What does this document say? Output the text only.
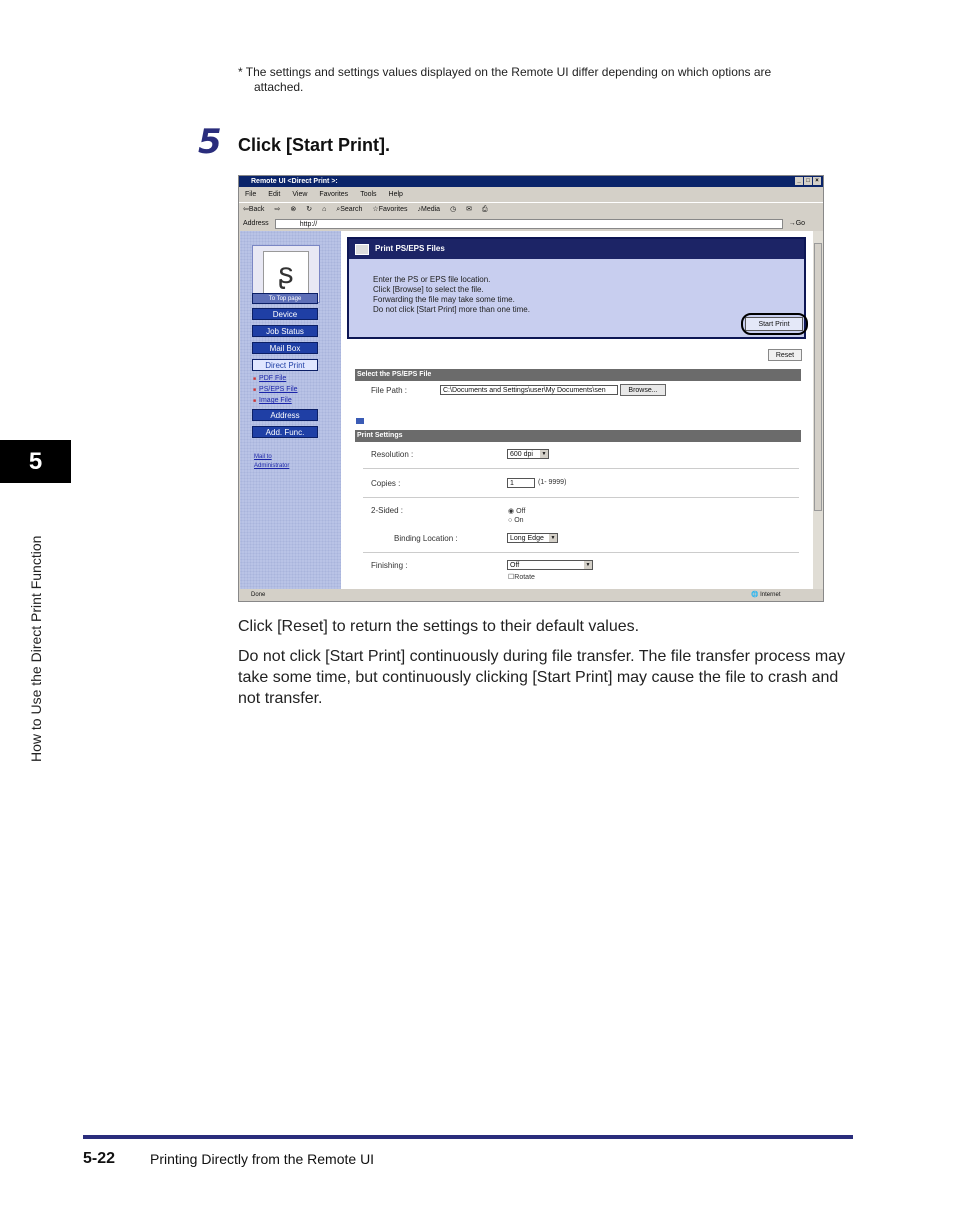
* The settings and settings values displayed on the Remote UI differ depending on which options are
attached.
5 Click [Start Print].
5
How to Use the Direct Print Function
Remote UI <Direct Print >:	_ □ ×
File Edit View Favorites Tools Help
⇦Back ⇨ ⊗ ↻ ⌂ ⌕Search ☆Favorites ♪Media ◷ ✉ ⎙
Address	http://	→Go
ʂ
To Top page
Device
Job Status
Mail Box
Direct Print
■ PDF File
■ PS/EPS File
■ Image File
Address
Add. Func.
Mail to
Administrator
Print PS/EPS Files
Enter the PS or EPS file location.
Click [Browse] to select the file.
Forwarding the file may take some time.
Do not click [Start Print] more than one time.
Start Print
Reset
Select the PS/EPS File
File Path :	C:\Documents and Settings\user\My Documents\sen	Browse...
Print Settings
Resolution :	600 dpi	▼
Copies :	1	(1- 9999)
2-Sided :	◉ Off
○ On
Binding Location :	Long Edge	▼
Finishing :	Off	▼
☐Rotate
Done	🌐 Internet
Click [Reset] to return the settings to their default values.
Do not click [Start Print] continuously during file transfer. The file transfer process may take some time, but continuously clicking [Start Print] may cause the file to crash and not transfer.
5-22 Printing Directly from the Remote UI
